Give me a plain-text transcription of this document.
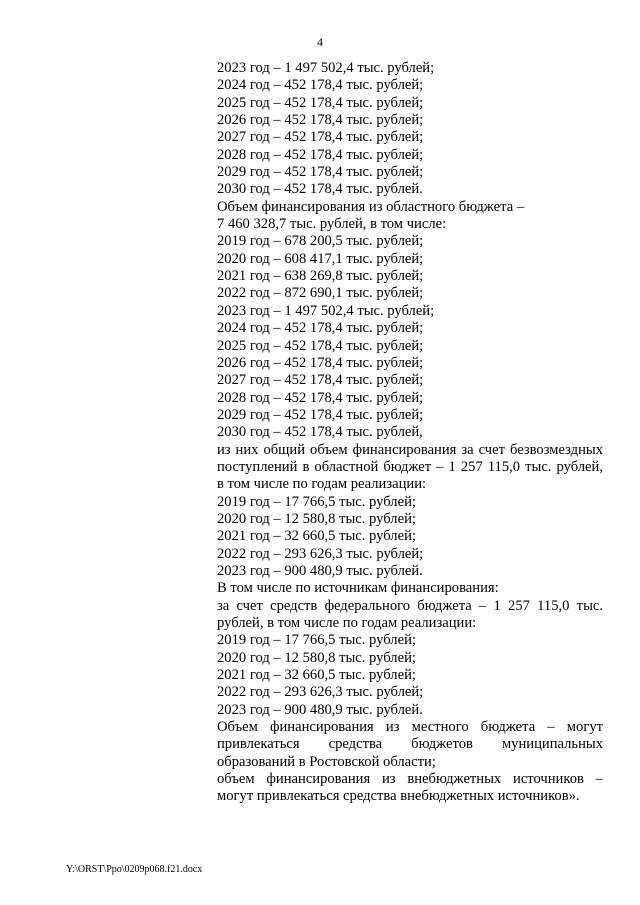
4

2023 год – 1 497 502,4 тыс. рублей;

2024 год – 452 178,4 тыс. рублей;

2025 год – 452 178,4 тыс. рублей;

2026 год – 452 178,4 тыс. рублей;

2027 год – 452 178,4 тыс. рублей;

2028 год – 452 178,4 тыс. рублей;

2029 год – 452 178,4 тыс. рублей;

2030 год – 452 178,4 тыс. рублей.

Объем финансирования из областного бюджета –

7 460 328,7 тыс. рублей, в том числе:

2019 год – 678 200,5 тыс. рублей;

2020 год – 608 417,1 тыс. рублей;

2021 год – 638 269,8 тыс. рублей;

2022 год – 872 690,1 тыс. рублей;

2023 год – 1 497 502,4 тыс. рублей;

2024 год – 452 178,4 тыс. рублей;

2025 год – 452 178,4 тыс. рублей;

2026 год – 452 178,4 тыс. рублей;

2027 год – 452 178,4 тыс. рублей;

2028 год – 452 178,4 тыс. рублей;

2029 год – 452 178,4 тыс. рублей;

2030 год – 452 178,4 тыс. рублей,

из них общий объем финансирования за счет безвозмездных

поступлений в областной бюджет – 1 257 115,0 тыс. рублей,

в том числе по годам реализации:

2019 год – 17 766,5 тыс. рублей;

2020 год – 12 580,8 тыс. рублей;

2021 год – 32 660,5 тыс. рублей;

2022 год – 293 626,3 тыс. рублей;

2023 год – 900 480,9 тыс. рублей.

В том числе по источникам финансирования:

за счет средств федерального бюджета – 1 257 115,0 тыс.

рублей, в том числе по годам реализации:

2019 год – 17 766,5 тыс. рублей;

2020 год – 12 580,8 тыс. рублей;

2021 год – 32 660,5 тыс. рублей;

2022 год – 293 626,3 тыс. рублей;

2023 год – 900 480,9 тыс. рублей.

Объем финансирования из местного бюджета – могут

привлекаться средства бюджетов муниципальных

образований в Ростовской области;

объем финансирования из внебюджетных источников –

могут привлекаться средства внебюджетных источников».

Y:\ORST\Ppo\0209p068.f21.docx
